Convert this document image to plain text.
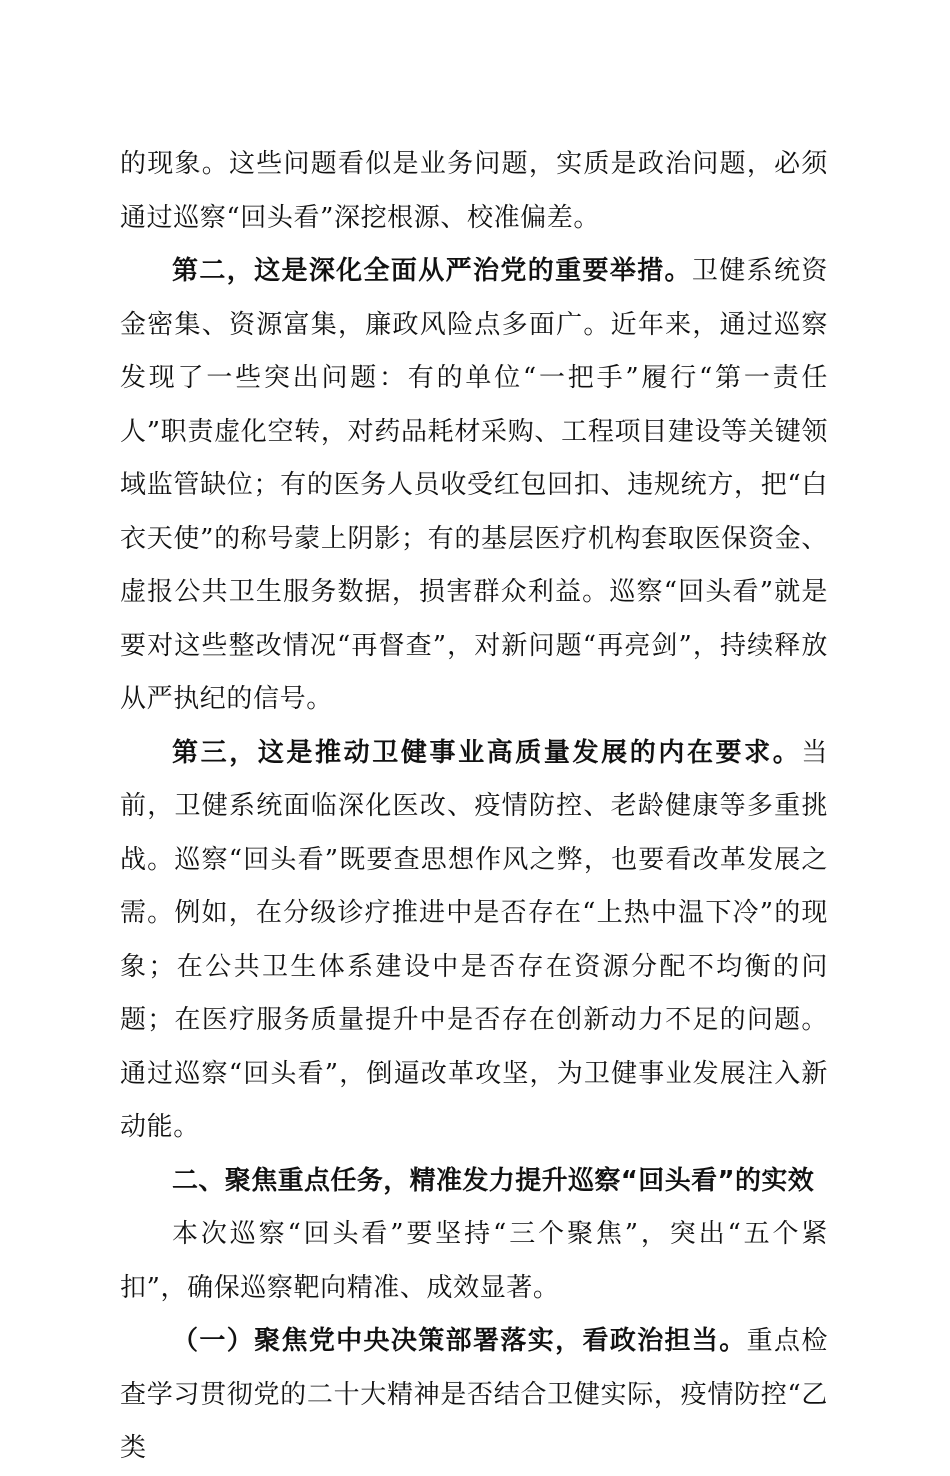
的现象。这些问题看似是业务问题，实质是政治问题，必须通过巡察“回头看”深挖根源、校准偏差。

第二，这是深化全面从严治党的重要举措。卫健系统资金密集、资源富集，廉政风险点多面广。近年来，通过巡察发现了一些突出问题：有的单位“一把手”履行“第一责任人”职责虚化空转，对药品耗材采购、工程项目建设等关键领域监管缺位；有的医务人员收受红包回扣、违规统方，把“白衣天使”的称号蒙上阴影；有的基层医疗机构套取医保资金、虚报公共卫生服务数据，损害群众利益。巡察“回头看”就是要对这些整改情况“再督查”，对新问题“再亮剑”，持续释放从严执纪的信号。

第三，这是推动卫健事业高质量发展的内在要求。当前，卫健系统面临深化医改、疫情防控、老龄健康等多重挑战。巡察“回头看”既要查思想作风之弊，也要看改革发展之需。例如，在分级诊疗推进中是否存在“上热中温下冷”的现象；在公共卫生体系建设中是否存在资源分配不均衡的问题；在医疗服务质量提升中是否存在创新动力不足的问题。通过巡察“回头看”，倒逼改革攻坚，为卫健事业发展注入新动能。

二、聚焦重点任务，精准发力提升巡察“回头看”的实效

本次巡察“回头看”要坚持“三个聚焦”，突出“五个紧扣”，确保巡察靶向精准、成效显著。

（一）聚焦党中央决策部署落实，看政治担当。重点检查学习贯彻党的二十大精神是否结合卫健实际，疫情防控“乙类
